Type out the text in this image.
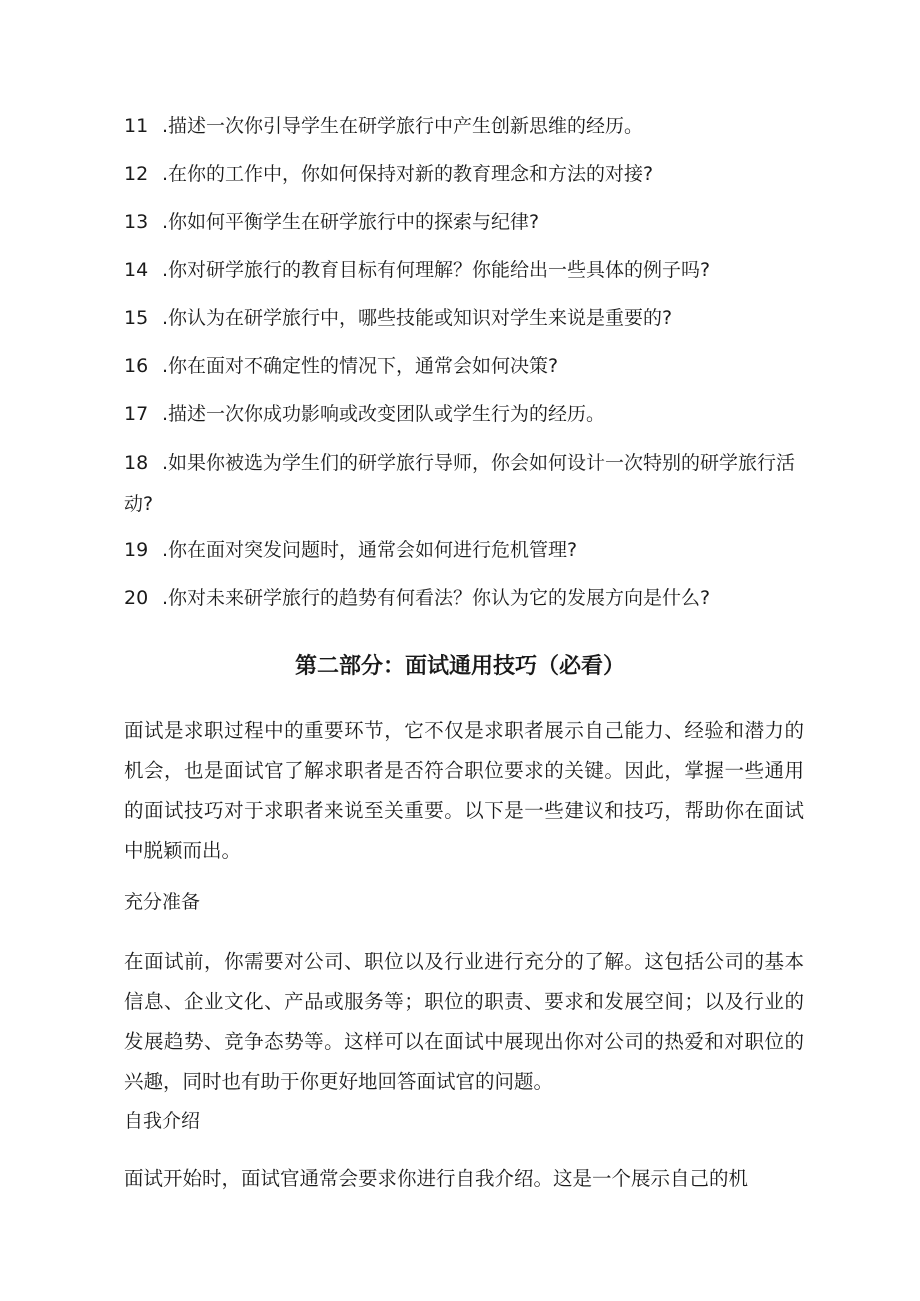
11 .描述一次你引导学生在研学旅行中产生创新思维的经历。
12 .在你的工作中，你如何保持对新的教育理念和方法的对接?
13 .你如何平衡学生在研学旅行中的探索与纪律?
14 .你对研学旅行的教育目标有何理解？你能给出一些具体的例子吗?
15 .你认为在研学旅行中，哪些技能或知识对学生来说是重要的?
16 .你在面对不确定性的情况下，通常会如何决策?
17 .描述一次你成功影响或改变团队或学生行为的经历。
18 .如果你被选为学生们的研学旅行导师，你会如何设计一次特别的研学旅行活动?
19 .你在面对突发问题时，通常会如何进行危机管理?
20 .你对未来研学旅行的趋势有何看法？你认为它的发展方向是什么?
第二部分：面试通用技巧（必看）
面试是求职过程中的重要环节，它不仅是求职者展示自己能力、经验和潜力的机会，也是面试官了解求职者是否符合职位要求的关键。因此，掌握一些通用的面试技巧对于求职者来说至关重要。以下是一些建议和技巧，帮助你在面试中脱颖而出。
充分准备
在面试前，你需要对公司、职位以及行业进行充分的了解。这包括公司的基本信息、企业文化、产品或服务等；职位的职责、要求和发展空间；以及行业的发展趋势、竞争态势等。这样可以在面试中展现出你对公司的热爱和对职位的兴趣，同时也有助于你更好地回答面试官的问题。
自我介绍
面试开始时，面试官通常会要求你进行自我介绍。这是一个展示自己的机
